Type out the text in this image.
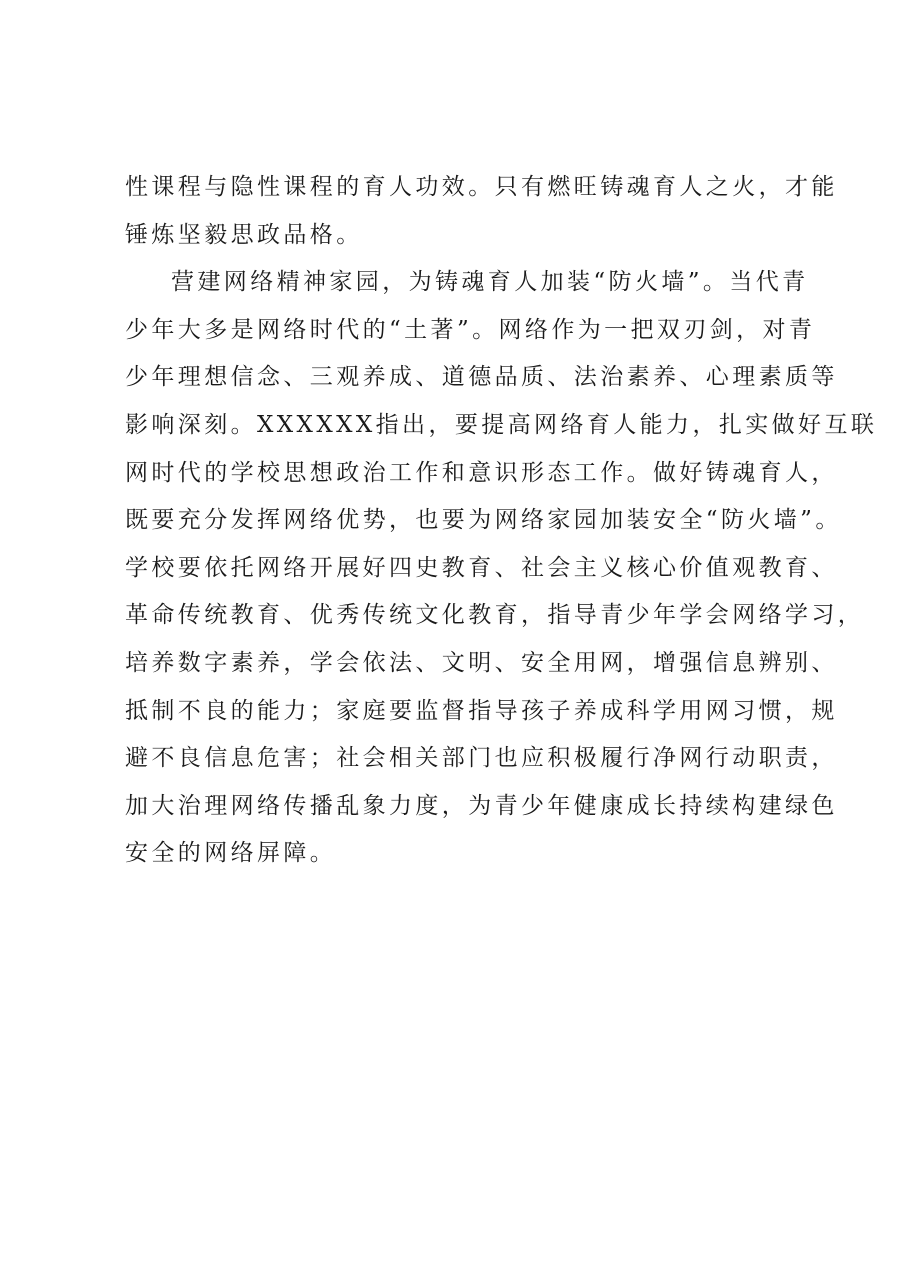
性课程与隐性课程的育人功效。只有燃旺铸魂育人之火，才能
锤炼坚毅思政品格。
营建网络精神家园，为铸魂育人加装“防火墙”。当代青
少年大多是网络时代的“土著”。网络作为一把双刃剑，对青
少年理想信念、三观养成、道德品质、法治素养、心理素质等
影响深刻。XXXXXX指出，要提高网络育人能力，扎实做好互联
网时代的学校思想政治工作和意识形态工作。做好铸魂育人，
既要充分发挥网络优势，也要为网络家园加装安全“防火墙”。
学校要依托网络开展好四史教育、社会主义核心价值观教育、
革命传统教育、优秀传统文化教育，指导青少年学会网络学习，
培养数字素养，学会依法、文明、安全用网，增强信息辨别、
抵制不良的能力；家庭要监督指导孩子养成科学用网习惯，规
避不良信息危害；社会相关部门也应积极履行净网行动职责，
加大治理网络传播乱象力度，为青少年健康成长持续构建绿色
安全的网络屏障。
